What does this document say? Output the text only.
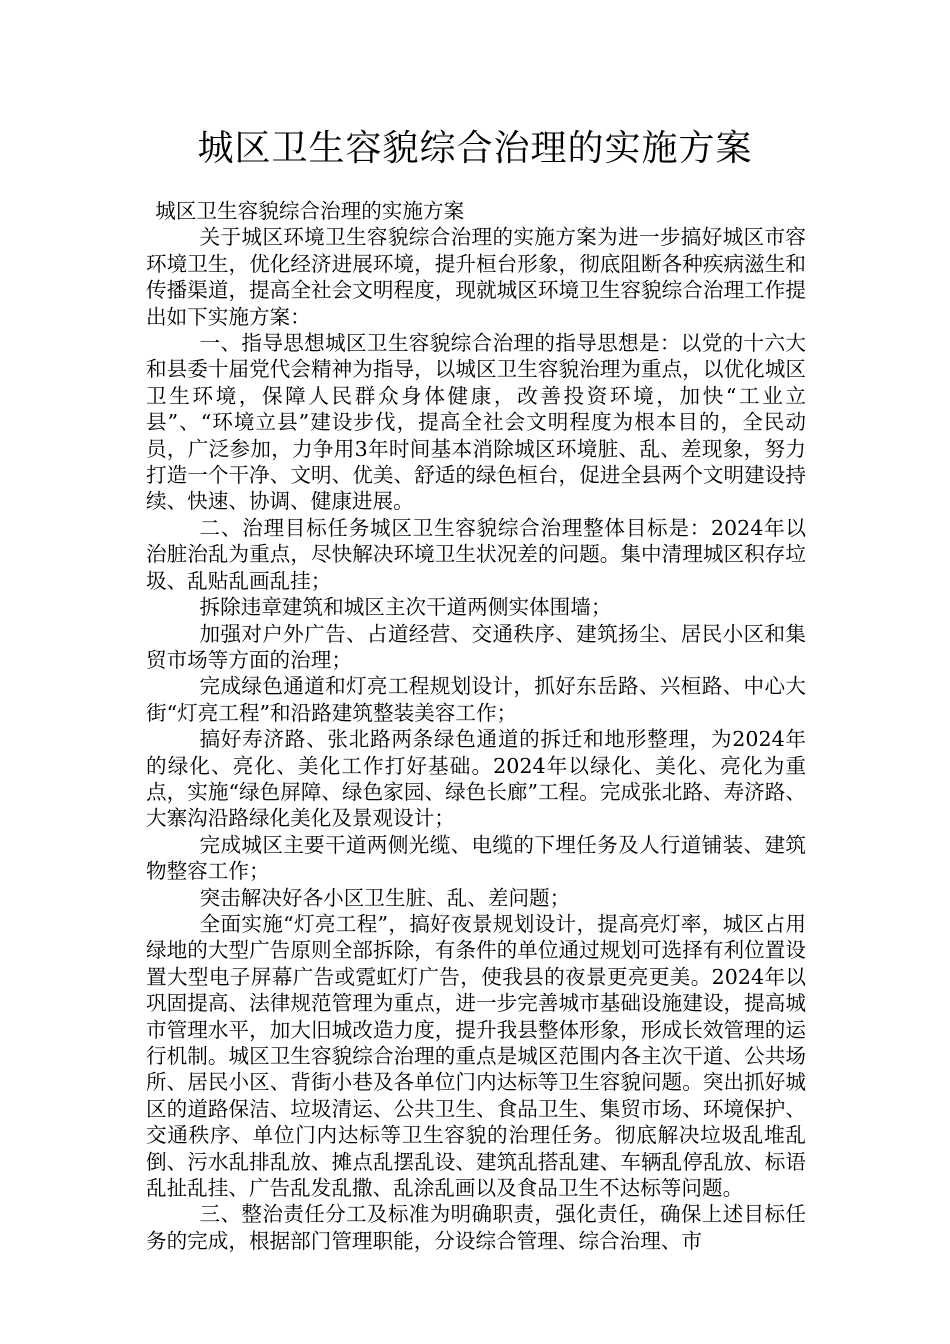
城区卫生容貌综合治理的实施方案

城区卫生容貌综合治理的实施方案

关于城区环境卫生容貌综合治理的实施方案为进一步搞好城区市容环境卫生，优化经济进展环境，提升桓台形象，彻底阻断各种疾病滋生和传播渠道，提高全社会文明程度，现就城区环境卫生容貌综合治理工作提出如下实施方案：

一、指导思想城区卫生容貌综合治理的指导思想是：以党的十六大和县委十届党代会精神为指导，以城区卫生容貌治理为重点，以优化城区卫生环境，保障人民群众身体健康，改善投资环境，加快“工业立县”、“环境立县”建设步伐，提高全社会文明程度为根本目的，全民动员，广泛参加，力争用3年时间基本消除城区环境脏、乱、差现象，努力打造一个干净、文明、优美、舒适的绿色桓台，促进全县两个文明建设持续、快速、协调、健康进展。

二、治理目标任务城区卫生容貌综合治理整体目标是：2024年以治脏治乱为重点，尽快解决环境卫生状况差的问题。集中清理城区积存垃圾、乱贴乱画乱挂；

拆除违章建筑和城区主次干道两侧实体围墙；

加强对户外广告、占道经营、交通秩序、建筑扬尘、居民小区和集贸市场等方面的治理；

完成绿色通道和灯亮工程规划设计，抓好东岳路、兴桓路、中心大街“灯亮工程”和沿路建筑整装美容工作；

搞好寿济路、张北路两条绿色通道的拆迁和地形整理，为2024年的绿化、亮化、美化工作打好基础。2024年以绿化、美化、亮化为重点，实施“绿色屏障、绿色家园、绿色长廊”工程。完成张北路、寿济路、大寨沟沿路绿化美化及景观设计；

完成城区主要干道两侧光缆、电缆的下埋任务及人行道铺装、建筑物整容工作；

突击解决好各小区卫生脏、乱、差问题；

全面实施“灯亮工程”，搞好夜景规划设计，提高亮灯率，城区占用绿地的大型广告原则全部拆除，有条件的单位通过规划可选择有利位置设置大型电子屏幕广告或霓虹灯广告，使我县的夜景更亮更美。2024年以巩固提高、法律规范管理为重点，进一步完善城市基础设施建设，提高城市管理水平，加大旧城改造力度，提升我县整体形象，形成长效管理的运行机制。城区卫生容貌综合治理的重点是城区范围内各主次干道、公共场所、居民小区、背街小巷及各单位门内达标等卫生容貌问题。突出抓好城区的道路保洁、垃圾清运、公共卫生、食品卫生、集贸市场、环境保护、交通秩序、单位门内达标等卫生容貌的治理任务。彻底解决垃圾乱堆乱倒、污水乱排乱放、摊点乱摆乱设、建筑乱搭乱建、车辆乱停乱放、标语乱扯乱挂、广告乱发乱撒、乱涂乱画以及食品卫生不达标等问题。

三、整治责任分工及标准为明确职责，强化责任，确保上述目标任务的完成，根据部门管理职能，分设综合管理、综合治理、市
